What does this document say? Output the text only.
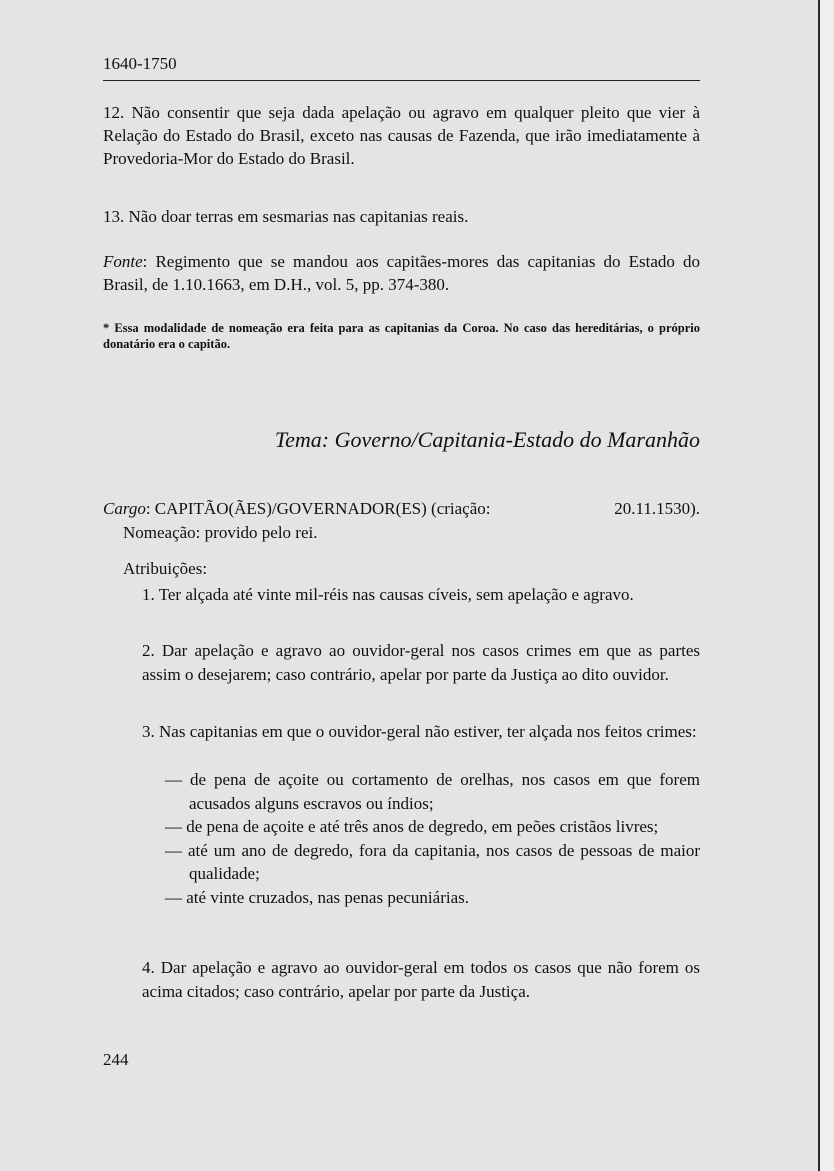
1640-1750
12. Não consentir que seja dada apelação ou agravo em qualquer pleito que vier à Relação do Estado do Brasil, exceto nas causas de Fazenda, que irão imediatamente à Provedoria-Mor do Estado do Brasil.
13. Não doar terras em sesmarias nas capitanias reais.
Fonte: Regimento que se mandou aos capitães-mores das capitanias do Estado do Brasil, de 1.10.1663, em D.H., vol. 5, pp. 374-380.
* Essa modalidade de nomeação era feita para as capitanias da Coroa. No caso das hereditárias, o próprio donatário era o capitão.
Tema: Governo/Capitania-Estado do Maranhão
Cargo: CAPITÃO(ÃES)/GOVERNADOR(ES) (criação:	20.11.1530).
Nomeação: provido pelo rei.
Atribuições:
1. Ter alçada até vinte mil-réis nas causas cíveis, sem apelação e agravo.
2. Dar apelação e agravo ao ouvidor-geral nos casos crimes em que as partes assim o desejarem; caso contrário, apelar por parte da Justiça ao dito ouvidor.
3. Nas capitanias em que o ouvidor-geral não estiver, ter alçada nos feitos crimes:
— de pena de açoite ou cortamento de orelhas, nos casos em que forem acusados alguns escravos ou índios;
— de pena de açoite e até três anos de degredo, em peões cristãos livres;
— até um ano de degredo, fora da capitania, nos casos de pessoas de maior qualidade;
— até vinte cruzados, nas penas pecuniárias.
4. Dar apelação e agravo ao ouvidor-geral em todos os casos que não forem os acima citados; caso contrário, apelar por parte da Justiça.
244
